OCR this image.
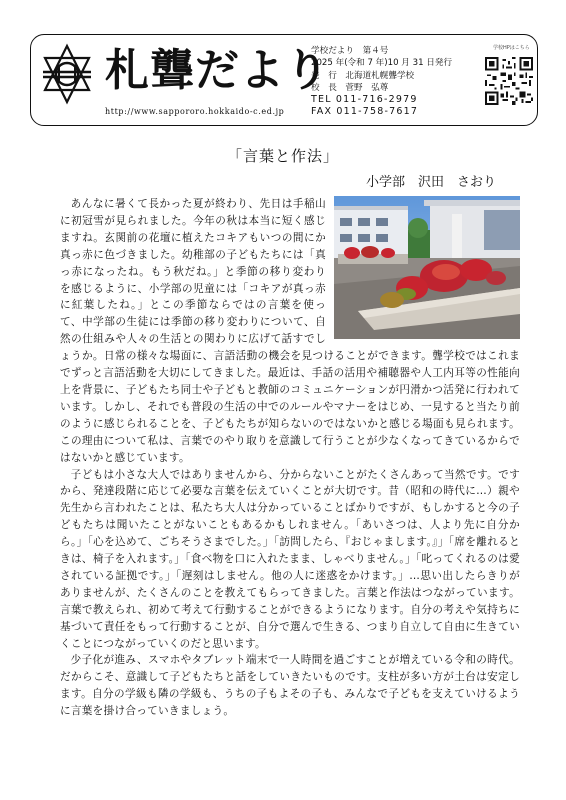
札聾だより
http://www.sappororo.hokkaido-c.ed.jp
学校だより　第４号
2025 年(令和 7 年)10 月 31 日発行
発　行　北海道札幌聾学校
校　長　菅野　弘尊
TEL 011-716-2979
FAX 011-758-7617
学校HPはこちら
「言葉と作法」
小学部　沢田　さおり

あんなに暑くて長かった夏が終わり、先日は手稲山に初冠雪が見られました。今年の秋は本当に短く感じますね。玄関前の花壇に植えたコキアもいつの間にか真っ赤に色づきました。幼稚部の子どもたちには「真っ赤になったね。もう秋だね。」と季節の移り変わりを感じるように、小学部の児童には「コキアが真っ赤に紅葉したね。」とこの季節ならではの言葉を使って、中学部の生徒には季節の移り変わりについて、自然の仕組みや人々の生活との関わりに広げて話すでしょうか。日常の様々な場面に、言語活動の機会を見つけることができます。聾学校ではこれまでずっと言語活動を大切にしてきました。最近は、手話の活用や補聴器や人工内耳等の性能向上を背景に、子どもたち同士や子どもと教師のコミュニケーションが円滑かつ活発に行われています。しかし、それでも普段の生活の中でのルールやマナーをはじめ、一見すると当たり前のように感じられることを、子どもたちが知らないのではないかと感じる場面も見られます。この理由について私は、言葉でのやり取りを意識して行うことが少なくなってきているからではないかと感じています。

子どもは小さな大人ではありませんから、分からないことがたくさんあって当然です。ですから、発達段階に応じて必要な言葉を伝えていくことが大切です。昔（昭和の時代に…）親や先生から言われたことは、私たち大人は分かっていることばかりですが、もしかすると今の子どもたちは聞いたことがないこともあるかもしれません。「あいさつは、人より先に自分から。」「心を込めて、ごちそうさまでした。」「訪問したら、『おじゃまします。』」「席を離れるときは、椅子を入れます。」「食べ物を口に入れたまま、しゃべりません。」「叱ってくれるのは愛されている証拠です。」「遅刻はしません。他の人に迷惑をかけます。」…思い出したらきりがありませんが、たくさんのことを教えてもらってきました。言葉と作法はつながっています。言葉で教えられ、初めて考えて行動することができるようになります。自分の考えや気持ちに基づいて責任をもって行動することが、自分で選んで生きる、つまり自立して自由に生きていくことにつながっていくのだと思います。

少子化が進み、スマホやタブレット端末で一人時間を過ごすことが増えている令和の時代。だからこそ、意識して子どもたちと話をしていきたいものです。支柱が多い方が土台は安定します。自分の学級も隣の学級も、うちの子もよその子も、みんなで子どもを支えていけるように言葉を掛け合っていきましょう。
